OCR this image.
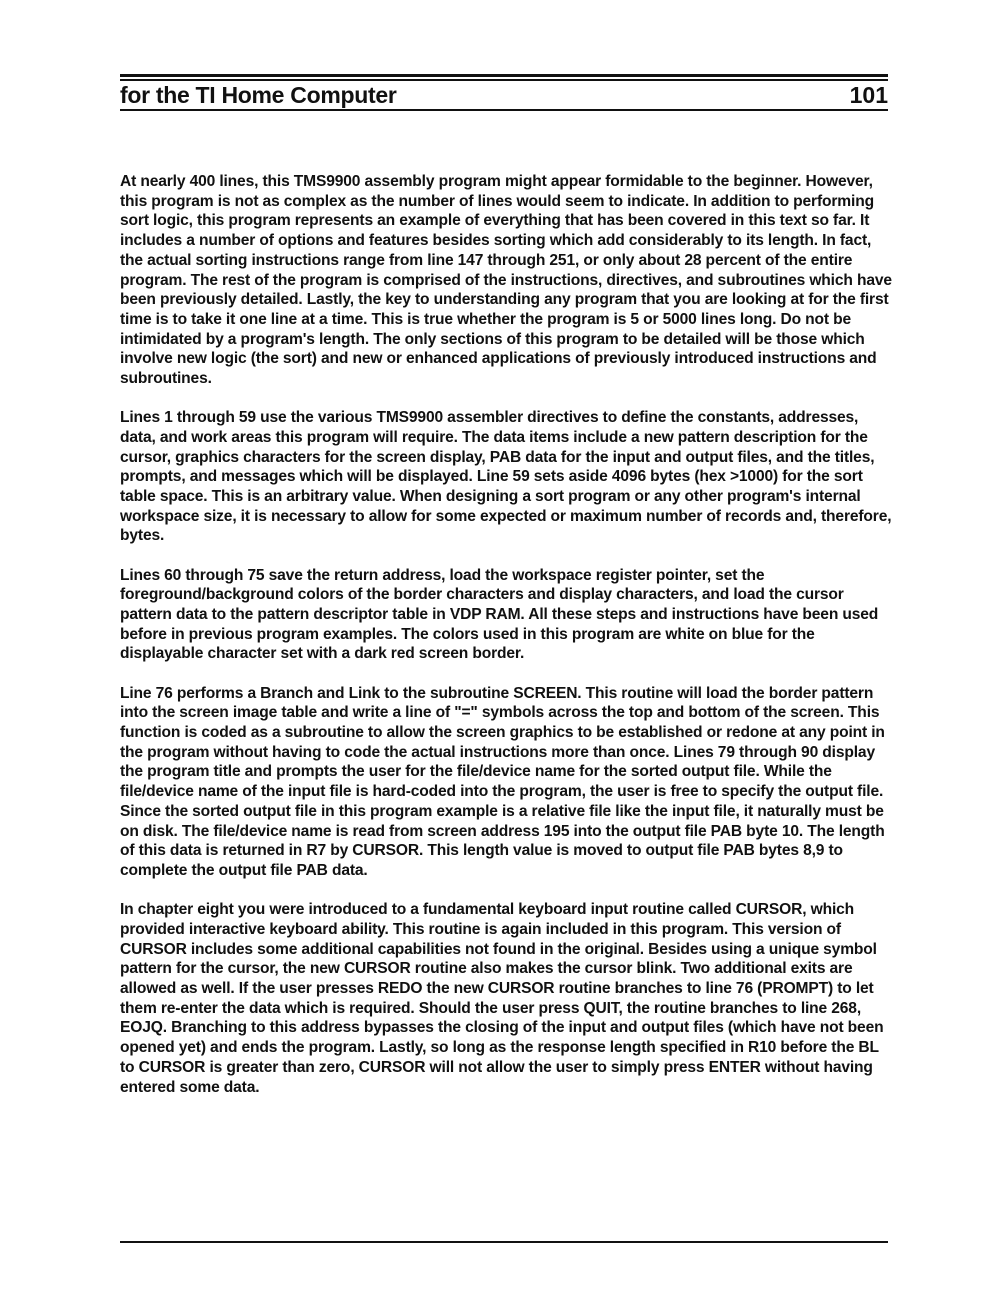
for the TI Home Computer	101

At nearly 400 lines, this TMS9900 assembly program might appear formidable to the beginner. However, this program is not as complex as the number of lines would seem to indicate. In addition to performing sort logic, this program represents an example of everything that has been covered in this text so far. It includes a number of options and features besides sorting which add considerably to its length. In fact, the actual sorting instructions range from line 147 through 251, or only about 28 percent of the entire program. The rest of the program is comprised of the instructions, directives, and subroutines which have been previously detailed. Lastly, the key to understanding any program that you are looking at for the first time is to take it one line at a time. This is true whether the program is 5 or 5000 lines long. Do not be intimidated by a program's length. The only sections of this program to be detailed will be those which involve new logic (the sort) and new or enhanced applications of previously introduced instructions and subroutines.

Lines 1 through 59 use the various TMS9900 assembler directives to define the constants, addresses, data, and work areas this program will require. The data items include a new pattern description for the cursor, graphics characters for the screen display, PAB data for the input and output files, and the titles, prompts, and messages which will be displayed. Line 59 sets aside 4096 bytes (hex >1000) for the sort table space. This is an arbitrary value. When designing a sort program or any other program's internal workspace size, it is necessary to allow for some expected or maximum number of records and, therefore, bytes.

Lines 60 through 75 save the return address, load the workspace register pointer, set the foreground/background colors of the border characters and display characters, and load the cursor pattern data to the pattern descriptor table in VDP RAM. All these steps and instructions have been used before in previous program examples. The colors used in this program are white on blue for the displayable character set with a dark red screen border.

Line 76 performs a Branch and Link to the subroutine SCREEN. This routine will load the border pattern into the screen image table and write a line of "=" symbols across the top and bottom of the screen. This function is coded as a subroutine to allow the screen graphics to be established or redone at any point in the program without having to code the actual instructions more than once. Lines 79 through 90 display the program title and prompts the user for the file/device name for the sorted output file. While the file/device name of the input file is hard-coded into the program, the user is free to specify the output file. Since the sorted output file in this program example is a relative file like the input file, it naturally must be on disk. The file/device name is read from screen address 195 into the output file PAB byte 10. The length of this data is returned in R7 by CURSOR. This length value is moved to output file PAB bytes 8,9 to complete the output file PAB data.

In chapter eight you were introduced to a fundamental keyboard input routine called CURSOR, which provided interactive keyboard ability. This routine is again included in this program. This version of CURSOR includes some additional capabilities not found in the original. Besides using a unique symbol pattern for the cursor, the new CURSOR routine also makes the cursor blink. Two additional exits are allowed as well. If the user presses REDO the new CURSOR routine branches to line 76 (PROMPT) to let them re-enter the data which is required. Should the user press QUIT, the routine branches to line 268, EOJQ. Branching to this address bypasses the closing of the input and output files (which have not been opened yet) and ends the program. Lastly, so long as the response length specified in R10 before the BL to CURSOR is greater than zero, CURSOR will not allow the user to simply press ENTER without having entered some data.
